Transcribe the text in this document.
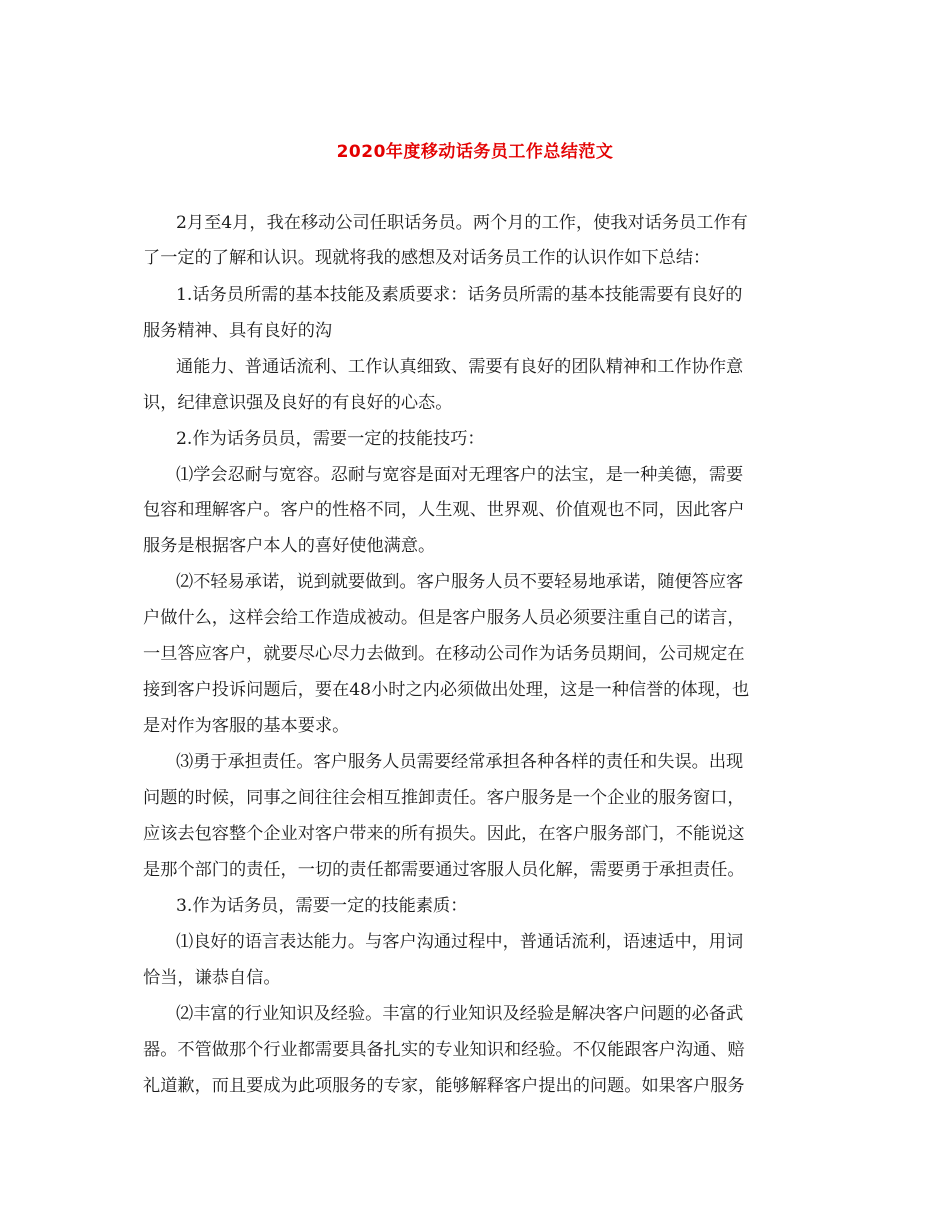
2020年度移动话务员工作总结范文
2月至4月，我在移动公司任职话务员。两个月的工作，使我对话务员工作有
了一定的了解和认识。现就将我的感想及对话务员工作的认识作如下总结：
1.话务员所需的基本技能及素质要求：话务员所需的基本技能需要有良好的
服务精神、具有良好的沟
通能力、普通话流利、工作认真细致、需要有良好的团队精神和工作协作意
识，纪律意识强及良好的有良好的心态。
2.作为话务员员，需要一定的技能技巧：
⑴学会忍耐与宽容。忍耐与宽容是面对无理客户的法宝，是一种美德，需要
包容和理解客户。客户的性格不同，人生观、世界观、价值观也不同，因此客户
服务是根据客户本人的喜好使他满意。
⑵不轻易承诺，说到就要做到。客户服务人员不要轻易地承诺，随便答应客
户做什么，这样会给工作造成被动。但是客户服务人员必须要注重自己的诺言，
一旦答应客户，就要尽心尽力去做到。在移动公司作为话务员期间，公司规定在
接到客户投诉问题后，要在48小时之内必须做出处理，这是一种信誉的体现，也
是对作为客服的基本要求。
⑶勇于承担责任。客户服务人员需要经常承担各种各样的责任和失误。出现
问题的时候，同事之间往往会相互推卸责任。客户服务是一个企业的服务窗口，
应该去包容整个企业对客户带来的所有损失。因此，在客户服务部门，不能说这
是那个部门的责任，一切的责任都需要通过客服人员化解，需要勇于承担责任。
3.作为话务员，需要一定的技能素质：
⑴良好的语言表达能力。与客户沟通过程中，普通话流利，语速适中，用词
恰当，谦恭自信。
⑵丰富的行业知识及经验。丰富的行业知识及经验是解决客户问题的必备武
器。不管做那个行业都需要具备扎实的专业知识和经验。不仅能跟客户沟通、赔
礼道歉，而且要成为此项服务的专家，能够解释客户提出的问题。如果客户服务
